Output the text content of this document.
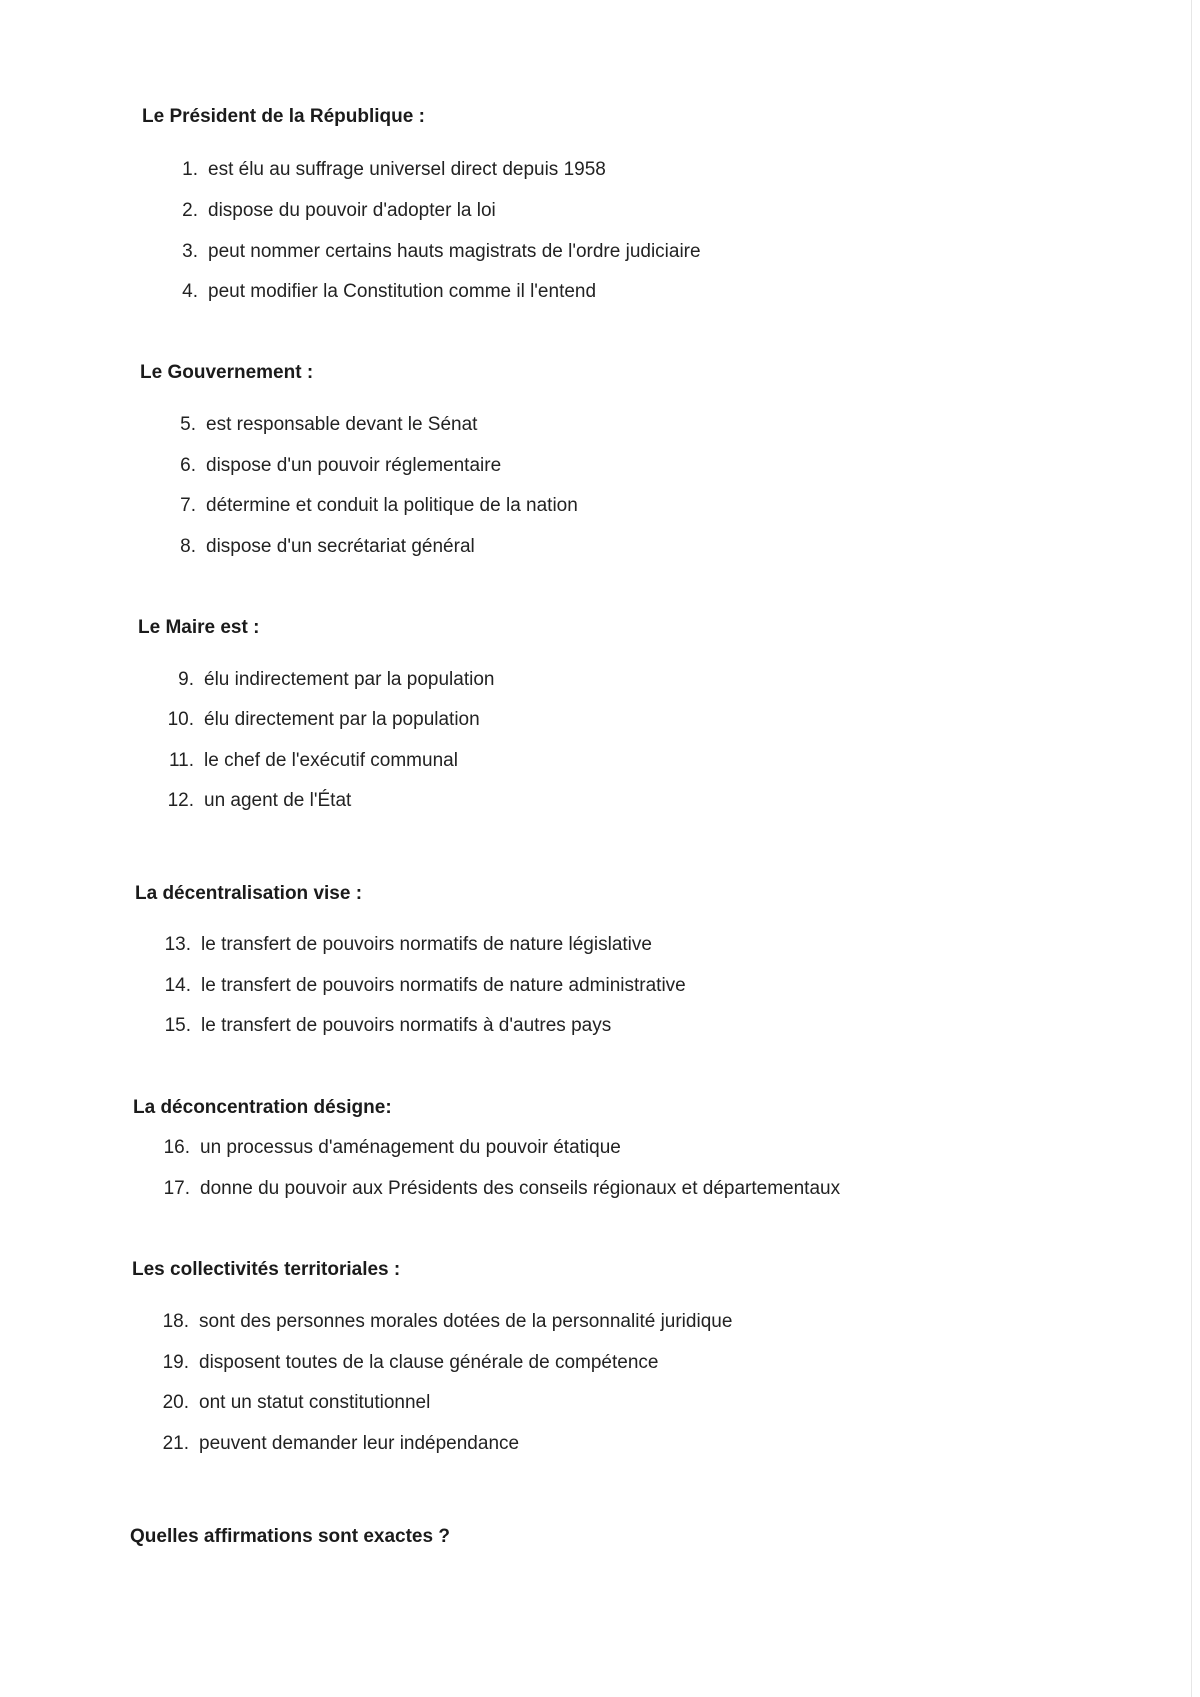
Le Président de la République :
1. est élu au suffrage universel direct depuis 1958
2. dispose du pouvoir d'adopter la loi
3. peut nommer certains hauts magistrats de l'ordre judiciaire
4. peut modifier la Constitution comme il l'entend
Le Gouvernement :
5. est responsable devant le Sénat
6. dispose d'un pouvoir réglementaire
7. détermine et conduit la politique de la nation
8. dispose d'un secrétariat général
Le Maire est :
9. élu indirectement par la population
10. élu directement par la population
11. le chef de l'exécutif communal
12. un agent de l'État
La décentralisation vise :
13. le transfert de pouvoirs normatifs de nature législative
14. le transfert de pouvoirs normatifs de nature administrative
15. le transfert de pouvoirs normatifs à d'autres pays
La déconcentration désigne:
16. un processus d'aménagement du pouvoir étatique
17. donne du pouvoir aux Présidents des conseils régionaux et départementaux
Les collectivités territoriales :
18. sont des personnes morales dotées de la personnalité juridique
19. disposent toutes de la clause générale de compétence
20. ont un statut constitutionnel
21. peuvent demander leur indépendance
Quelles affirmations sont exactes ?
